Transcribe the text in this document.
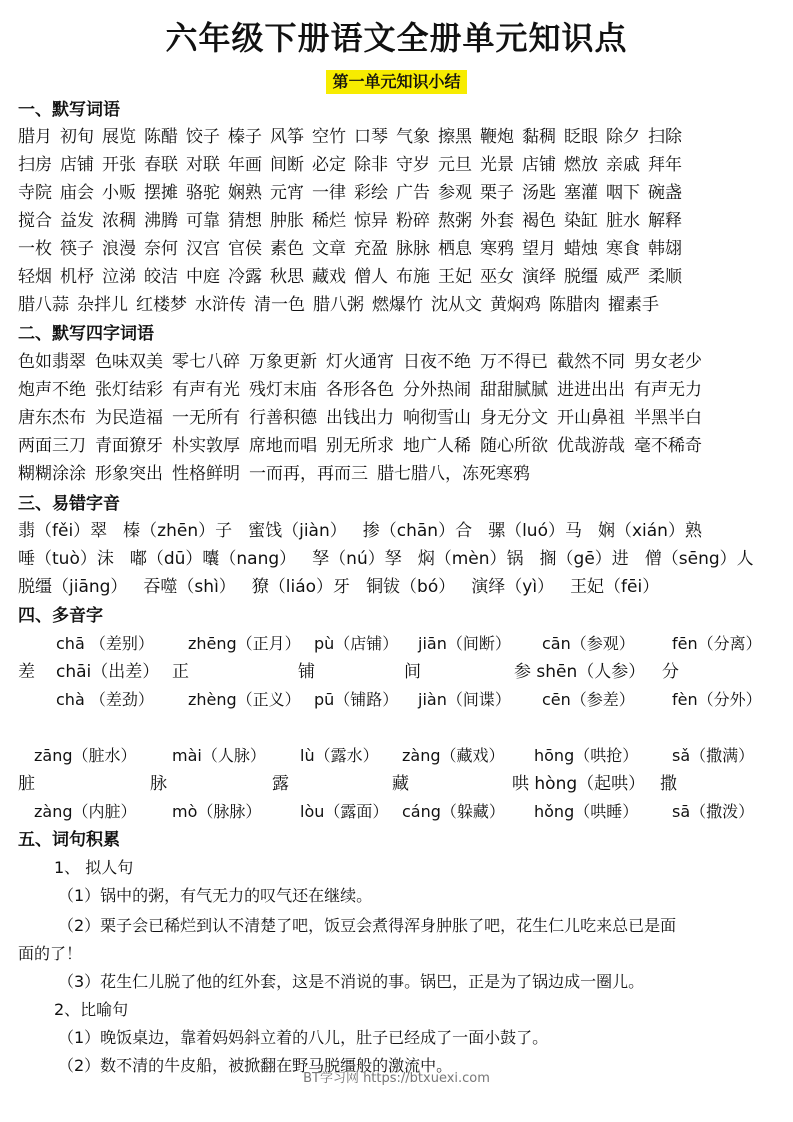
六年级下册语文全册单元知识点
第一单元知识小结
一、默写词语
腊月 初旬 展览 陈醋 饺子 榛子 风筝 空竹 口琴 气象 擦黑 鞭炮 黏稠 眨眼 除夕 扫除
扫房 店铺 开张 春联 对联 年画 间断 必定 除非 守岁 元旦 光景 店铺 燃放 亲戚 拜年
寺院 庙会 小贩 摆摊 骆驼 娴熟 元宵 一律 彩绘 广告 参观 栗子 汤匙 塞灌 咽下 碗盏
搅合 益发 浓稠 沸腾 可靠 猜想 肿胀 稀烂 惊异 粉碎 熬粥 外套 褐色 染缸 脏水 解释
一枚 筷子 浪漫 奈何 汉宫 官侯 素色 文章 充盈 脉脉 栖息 寒鸦 望月 蜡烛 寒食 韩翃
轻烟 机杼 泣涕 皎洁 中庭 冷露 秋思 藏戏 僧人 布施 王妃 巫女 演绎 脱缰 威严 柔顺
腊八蒜 杂拌儿 红楼梦 水浒传 清一色 腊八粥 燃爆竹 沈从文 黄焖鸡 陈腊肉 擢素手
二、默写四字词语
色如翡翠 色味双美 零七八碎 万象更新 灯火通宵 日夜不绝 万不得已 截然不同 男女老少
炮声不绝 张灯结彩 有声有光 残灯末庙 各形各色 分外热闹 甜甜腻腻 进进出出 有声无力
唐东杰布 为民造福 一无所有 行善积德 出钱出力 响彻雪山 身无分文 开山鼻祖 半黑半白
两面三刀 青面獠牙 朴实敦厚 席地而唱 别无所求 地广人稀 随心所欲 优哉游哉 毫不稀奇
糊糊涂涂 形象突出 性格鲜明 一而再，再而三 腊七腊八，冻死寒鸦
三、易错字音
翡（fěi）翠 榛（zhēn）子 蜜饯（jiàn） 掺（chān）合 骡（luó）马 娴（xián）熟
唾（tuò）沫 嘟（dū）囔（nang） 孥（nú）孥 焖（mèn）锅 搁（gē）进 僧（sēng）人
脱缰（jiāng） 吞噬（shì） 獠（liáo）牙 铜钹（bó） 演绎（yì） 王妃（fēi）
四、多音字
chā （差别） zhēng（正月） pù（店铺） jiān（间断） cān（参观） fēn（分离）
chà （差劲） zhèng（正义） pū（铺路） jiàn（间谍） cēn（参差） fèn（分外）
差 chāi（出差） 正	铺	间	参 shēn（人参） 分
zāng（脏水） mài（人脉） lù（露水） zàng（藏戏） hōng（哄抢） sǎ（撒满）
zàng（内脏） mò（脉脉） lòu（露面） cáng（躲藏） hǒng（哄睡） sā（撒泼）
脏	脉	露	藏	哄 hòng（起哄） 撒
五、词句积累
1、 拟人句
（1）锅中的粥，有气无力的叹气还在继续。
（2）栗子会已稀烂到认不清楚了吧，饭豆会煮得浑身肿胀了吧，花生仁儿吃来总已是面
面的了！
（3）花生仁儿脱了他的红外套，这是不消说的事。锅巴，正是为了锅边成一圈儿。
2、比喻句
（1）晚饭桌边，靠着妈妈斜立着的八儿，肚子已经成了一面小鼓了。
（2）数不清的牛皮船，被掀翻在野马脱缰般的激流中。
BT学习网 https://btxuexi.com
